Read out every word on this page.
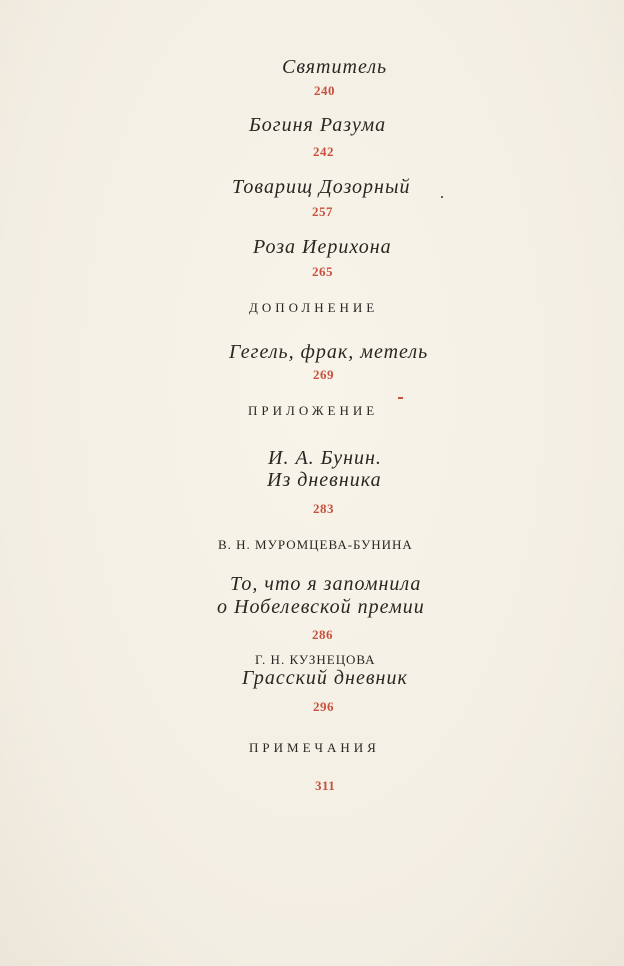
Святитель
240
Богиня Разума
242
Товарищ Дозорный
257
Роза Иерихона
265
ДОПОЛНЕНИЕ
Гегель, фрак, метель
269
ПРИЛОЖЕНИЕ
И. А. Бунин.
Из дневника
283
В. Н. МУРОМЦЕВА-БУНИНА
То, что я запомнила
о Нобелевской премии
286
Г. Н. КУЗНЕЦОВА
Грасский дневник
296
ПРИМЕЧАНИЯ
311
